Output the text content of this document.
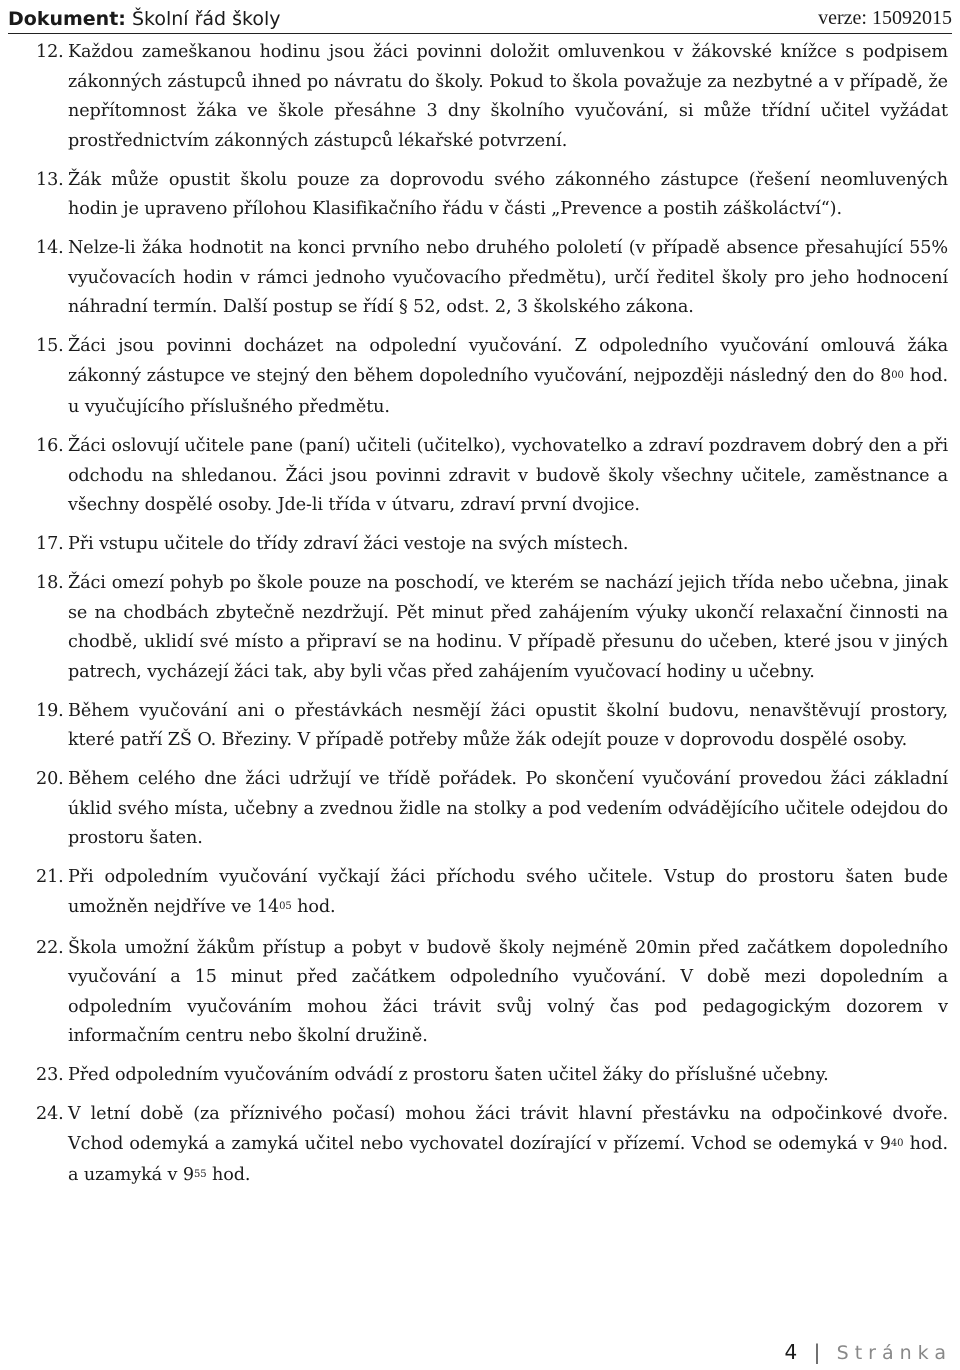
Dokument: Školní řád školy	verze: 15092015
12. Každou zameškanou hodinu jsou žáci povinni doložit omluvenkou v žákovské knížce s podpisem zákonných zástupců ihned po návratu do školy. Pokud to škola považuje za nezbytné a v případě, že nepřítomnost žáka ve škole přesáhne 3 dny školního vyučování, si může třídní učitel vyžádat prostřednictvím zákonných zástupců lékařské potvrzení.
13. Žák může opustit školu pouze za doprovodu svého zákonného zástupce (řešení neomluvených hodin je upraveno přílohou Klasifikačního řádu v části „Prevence a postih záškoláctví“).
14. Nelze-li žáka hodnotit na konci prvního nebo druhého pololetí (v případě absence přesahující 55% vyučovacích hodin v rámci jednoho vyučovacího předmětu), určí ředitel školy pro jeho hodnocení náhradní termín. Další postup se řídí § 52, odst. 2, 3 školského zákona.
15. Žáci jsou povinni docházet na odpolední vyučování. Z odpoledního vyučování omlouvá žáka zákonný zástupce ve stejný den během dopoledního vyučování, nejpozději následný den do $8^{00}$ hod. u vyučujícího příslušného předmětu.
16. Žáci oslovují učitele pane (paní) učiteli (učitelko), vychovatelko a zdraví pozdravem dobrý den a při odchodu na shledanou. Žáci jsou povinni zdravit v budově školy všechny učitele, zaměstnance a všechny dospělé osoby. Jde-li třída v útvaru, zdraví první dvojice.
17. Při vstupu učitele do třídy zdraví žáci vestoje na svých místech.
18. Žáci omezí pohyb po škole pouze na poschodí, ve kterém se nachází jejich třída nebo učebna, jinak se na chodbách zbytečně nezdržují. Pět minut před zahájením výuky ukončí relaxační činnosti na chodbě, uklidí své místo a připraví se na hodinu. V případě přesunu do učeben, které jsou v jiných patrech, vycházejí žáci tak, aby byli včas před zahájením vyučovací hodiny u učebny.
19. Během vyučování ani o přestávkách nesmějí žáci opustit školní budovu, nenavštěvují prostory, které patří ZŠ O. Březiny. V případě potřeby může žák odejít pouze v doprovodu dospělé osoby.
20. Během celého dne žáci udržují ve třídě pořádek. Po skončení vyučování provedou žáci základní úklid svého místa, učebny a zvednou židle na stolky a pod vedením odvádějícího učitele odejdou do prostoru šaten.
21. Při odpoledním vyučování vyčkají žáci příchodu svého učitele. Vstup do prostoru šaten bude umožněn nejdříve ve $14^{05}$ hod.
22. Škola umožní žákům přístup a pobyt v budově školy nejméně 20min před začátkem dopoledního vyučování a 15 minut před začátkem odpoledního vyučování. V době mezi dopoledním a odpoledním vyučováním mohou žáci trávit svůj volný čas pod pedagogickým dozorem v informačním centru nebo školní družině.
23. Před odpoledním vyučováním odvádí z prostoru šaten učitel žáky do příslušné učebny.
24. V letní době (za příznivého počasí) mohou žáci trávit hlavní přestávku na odpočinkové dvoře. Vchod odemyká a zamyká učitel nebo vychovatel dozírající v přízemí. Vchod se odemyká v $9^{40}$ hod. a uzamyká v $9^{55}$ hod.
4 | Stránka
